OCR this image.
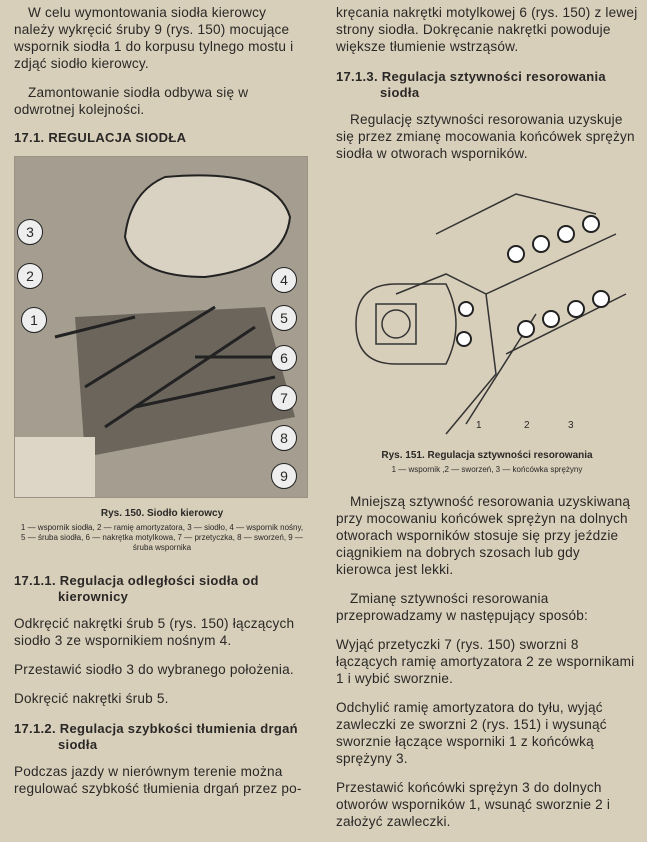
W celu wymontowania siodła kierowcy należy wykręcić śruby 9 (rys. 150) mocujące wspornik siodła 1 do korpusu tylnego mostu i zdjąć siodło kierowcy.

Zamontowanie siodła odbywa się w odwrotnej kolejności.

17.1. REGULACJA SIODŁA
3
2
1
4
5
6
7
8
9
Rys. 150. Siodło kierowcy
1 — wspornik siodła, 2 — ramię amortyzatora, 3 — siodło, 4 — wspornik nośny, 5 — śruba siodła, 6 — nakrętka motylkowa, 7 — przetyczka, 8 — sworzeń, 9 — śruba wspornika
17.1.1. Regulacja odległości siodła od kierownicy

Odkręcić nakrętki śrub 5 (rys. 150) łączących siodło 3 ze wspornikiem nośnym 4.

Przestawić siodło 3 do wybranego położenia.

Dokręcić nakrętki śrub 5.

17.1.2. Regulacja szybkości tłumienia drgań siodła

Podczas jazdy w nierównym terenie można regulować szybkość tłumienia drgań przez po-

kręcania nakrętki motylkowej 6 (rys. 150) z lewej strony siodła. Dokręcanie nakrętki powoduje większe tłumienie wstrząsów.

17.1.3. Regulacja sztywności resorowania siodła

Regulację sztywności resorowania uzyskuje się przez zmianę mocowania końcówek sprężyn siodła w otworach wsporników.

1	2	3
Rys. 151. Regulacja sztywności resorowania
1 — wspornik ,2 — sworzeń, 3 — końcówka sprężyny

Mniejszą sztywność resorowania uzyskiwaną przy mocowaniu końcówek sprężyn na dolnych otworach wsporników stosuje się przy jeździe ciągnikiem na dobrych szosach lub gdy kierowca jest lekki.

Zmianę sztywności resorowania przeprowadzamy w następujący sposób:

Wyjąć przetyczki 7 (rys. 150) sworzni 8 łączących ramię amortyzatora 2 ze wspornikami 1 i wybić sworznie.

Odchylić ramię amortyzatora do tyłu, wyjąć zawleczki ze sworzni 2 (rys. 151) i wysunąć sworznie łączące wsporniki 1 z końcówką sprężyny 3.

Przestawić końcówki sprężyn 3 do dolnych otworów wsporników 1, wsunąć sworznie 2 i założyć zawleczki.
